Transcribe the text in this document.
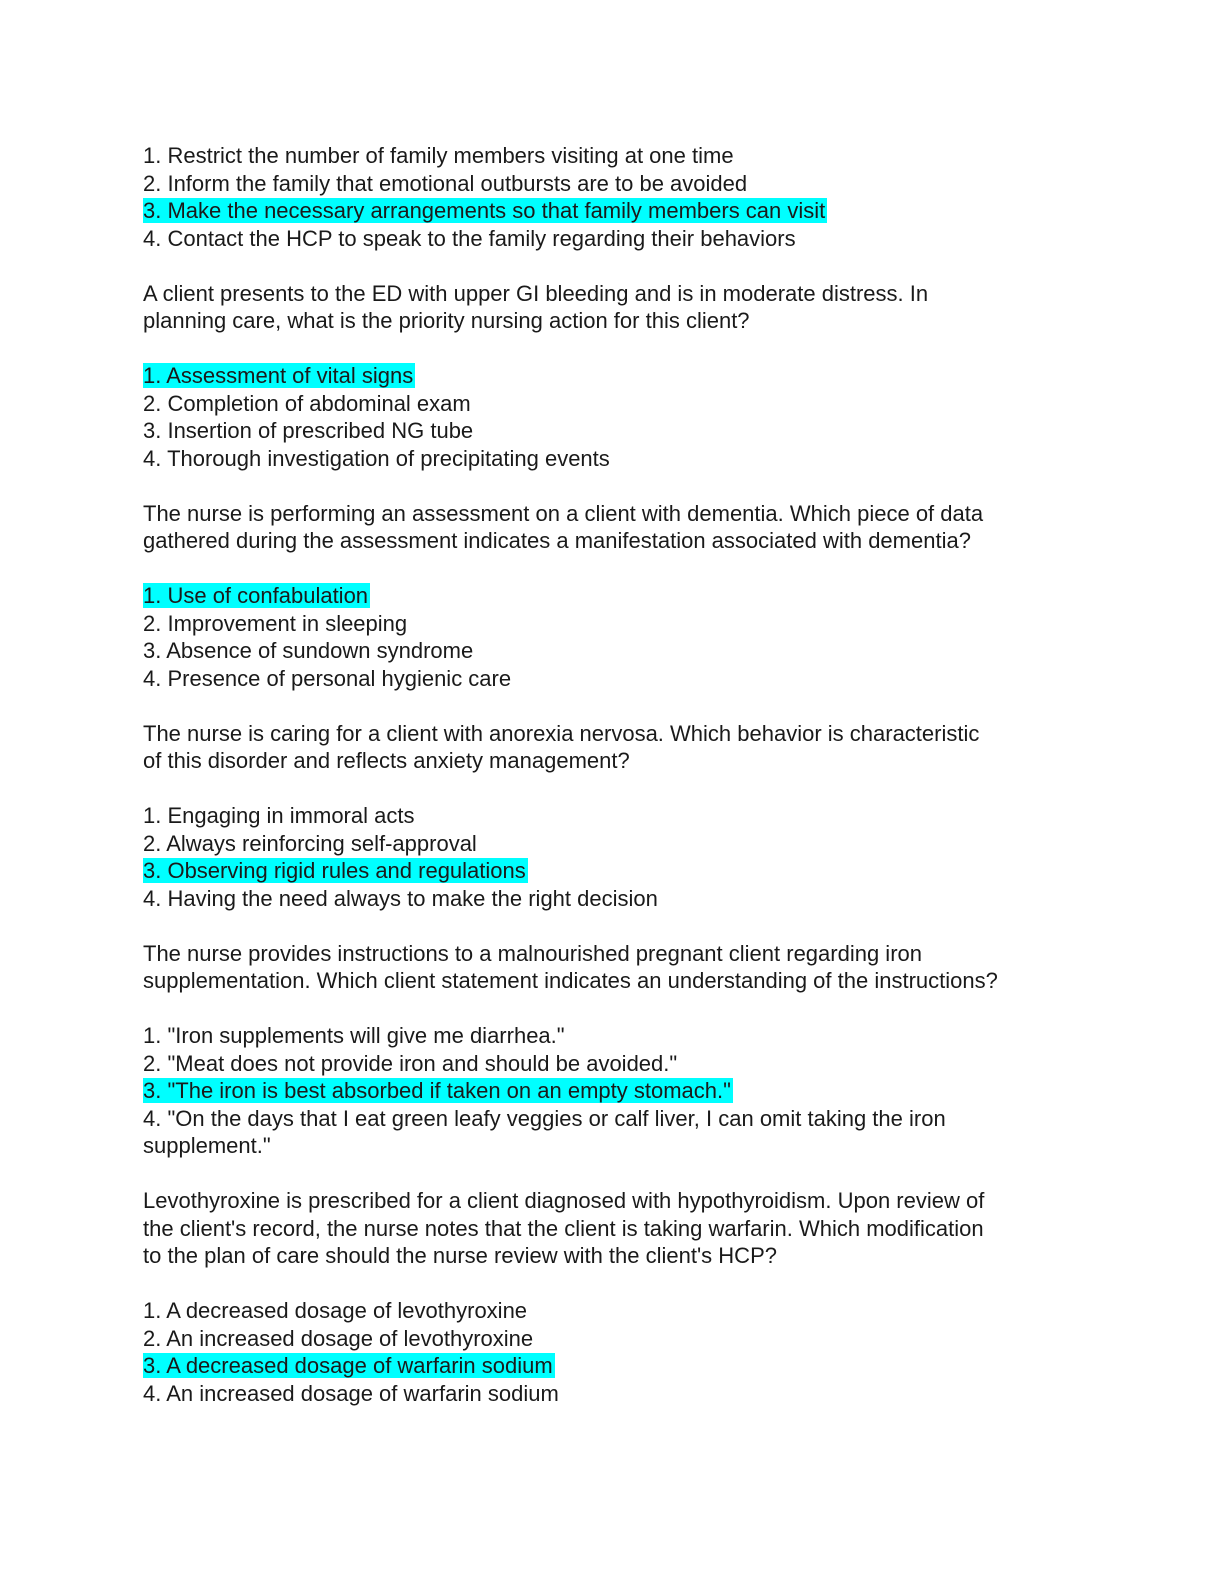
1. Restrict the number of family members visiting at one time
2. Inform the family that emotional outbursts are to be avoided
3. Make the necessary arrangements so that family members can visit
4. Contact the HCP to speak to the family regarding their behaviors
A client presents to the ED with upper GI bleeding and is in moderate distress. In
planning care, what is the priority nursing action for this client?
1. Assessment of vital signs
2. Completion of abdominal exam
3. Insertion of prescribed NG tube
4. Thorough investigation of precipitating events
The nurse is performing an assessment on a client with dementia. Which piece of data
gathered during the assessment indicates a manifestation associated with dementia?
1. Use of confabulation
2. Improvement in sleeping
3. Absence of sundown syndrome
4. Presence of personal hygienic care
The nurse is caring for a client with anorexia nervosa. Which behavior is characteristic
of this disorder and reflects anxiety management?
1. Engaging in immoral acts
2. Always reinforcing self-approval
3. Observing rigid rules and regulations
4. Having the need always to make the right decision
The nurse provides instructions to a malnourished pregnant client regarding iron
supplementation. Which client statement indicates an understanding of the instructions?
1. "Iron supplements will give me diarrhea."
2. "Meat does not provide iron and should be avoided."
3. "The iron is best absorbed if taken on an empty stomach."
4. "On the days that I eat green leafy veggies or calf liver, I can omit taking the iron
supplement."
Levothyroxine is prescribed for a client diagnosed with hypothyroidism. Upon review of
the client's record, the nurse notes that the client is taking warfarin. Which modification
to the plan of care should the nurse review with the client's HCP?
1. A decreased dosage of levothyroxine
2. An increased dosage of levothyroxine
3. A decreased dosage of warfarin sodium
4. An increased dosage of warfarin sodium
